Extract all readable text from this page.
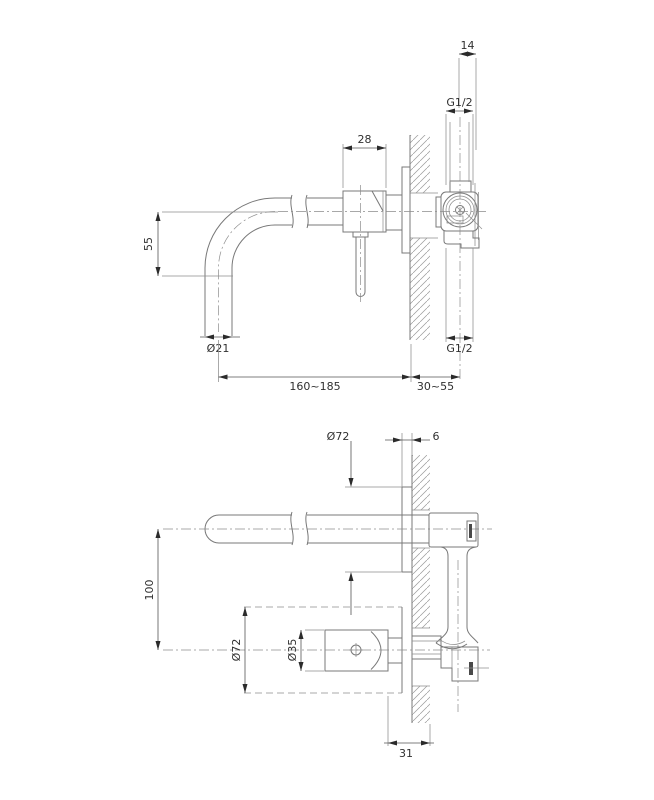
14
G1/2
28
55
Ø21	G1/2
160~185	30~55
Ø72	6
100
Ø72	Ø35
31
